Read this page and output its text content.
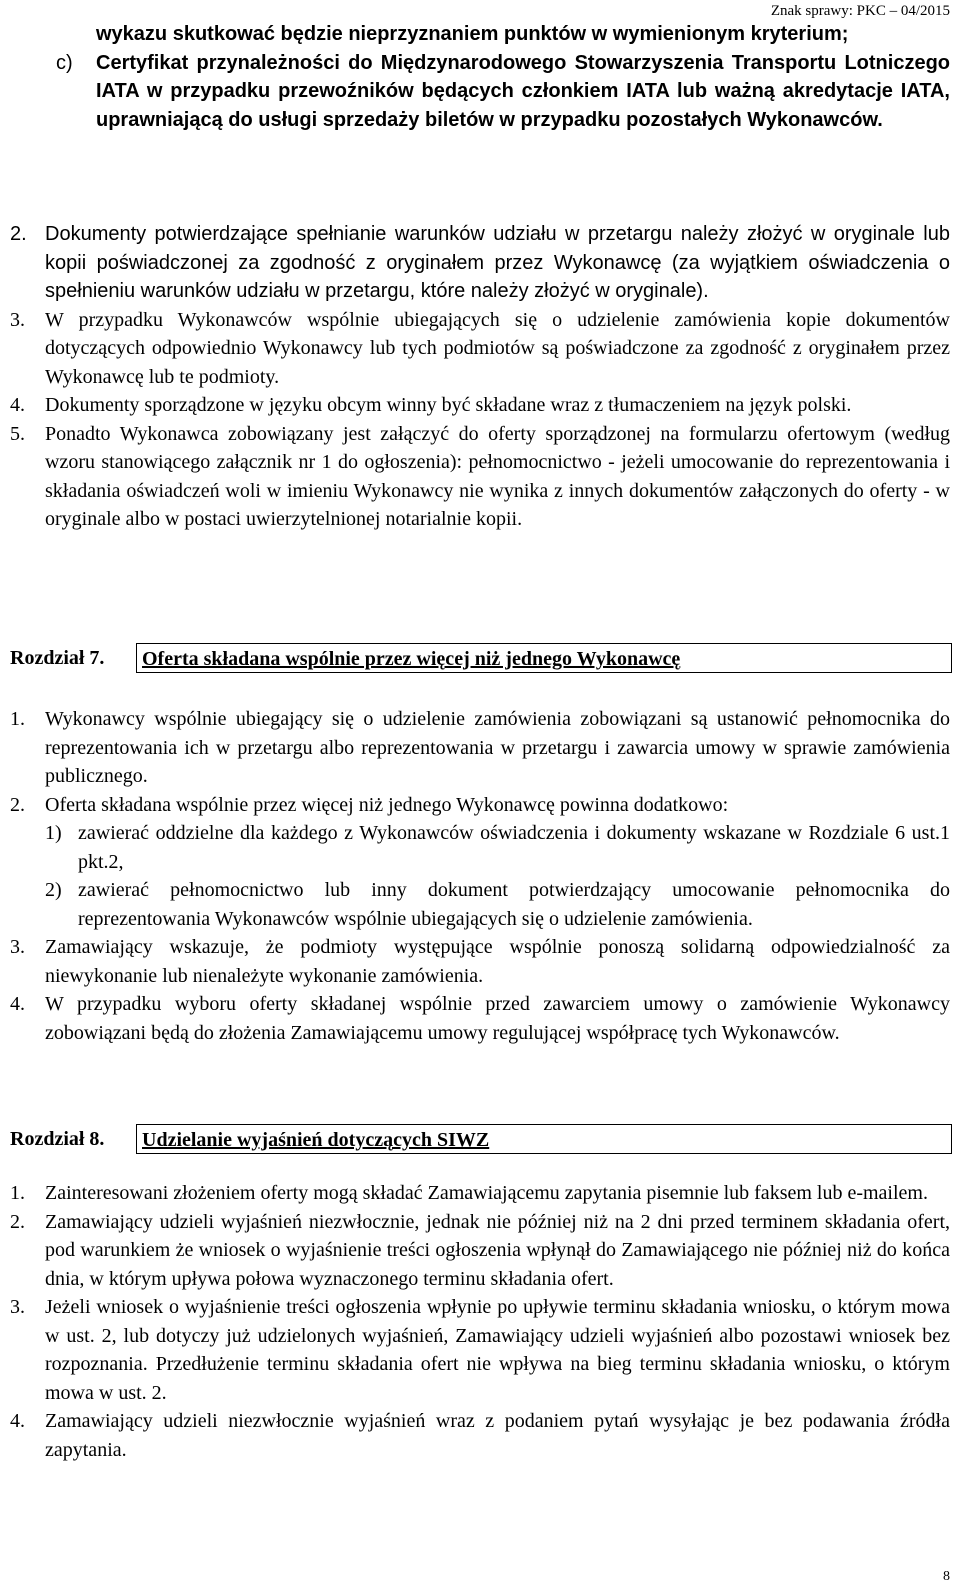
Znak sprawy: PKC – 04/2015

wykazu skutkować będzie nieprzyznaniem punktów w wymienionym kryterium;

c)	Certyfikat przynależności do Międzynarodowego Stowarzyszenia Transportu Lotniczego IATA w przypadku przewoźników będących członkiem IATA lub ważną akredytacje IATA, uprawniającą do usługi sprzedaży biletów w przypadku pozostałych Wykonawców.

2. Dokumenty potwierdzające spełnianie warunków udziału w przetargu należy złożyć w oryginale lub kopii poświadczonej za zgodność z oryginałem przez Wykonawcę (za wyjątkiem oświadczenia o spełnieniu warunków udziału w przetargu, które należy złożyć w oryginale).

3. W przypadku Wykonawców wspólnie ubiegających się o udzielenie zamówienia kopie dokumentów dotyczących odpowiednio Wykonawcy lub tych podmiotów są poświadczone za zgodność z oryginałem przez Wykonawcę lub te podmioty.

4. Dokumenty sporządzone w języku obcym winny być składane wraz z tłumaczeniem na język polski.

5. Ponadto Wykonawca zobowiązany jest załączyć do oferty sporządzonej na formularzu ofertowym (według wzoru stanowiącego załącznik nr 1 do ogłoszenia): pełnomocnictwo - jeżeli umocowanie do reprezentowania i składania oświadczeń woli w imieniu Wykonawcy nie wynika z innych dokumentów załączonych do oferty - w oryginale albo w postaci uwierzytelnionej notarialnie kopii.

Rozdział 7.	Oferta składana wspólnie przez więcej niż jednego Wykonawcę

1. Wykonawcy wspólnie ubiegający się o udzielenie zamówienia zobowiązani są ustanowić pełnomocnika do reprezentowania ich w przetargu albo reprezentowania w przetargu i zawarcia umowy w sprawie zamówienia publicznego.

2. Oferta składana wspólnie przez więcej niż jednego Wykonawcę powinna dodatkowo:

1) zawierać oddzielne dla każdego z Wykonawców oświadczenia i dokumenty wskazane w Rozdziale 6 ust.1 pkt.2,

2) zawierać pełnomocnictwo lub inny dokument potwierdzający umocowanie pełnomocnika do reprezentowania Wykonawców wspólnie ubiegających się o udzielenie zamówienia.

3. Zamawiający wskazuje, że podmioty występujące wspólnie ponoszą solidarną odpowiedzialność za niewykonanie lub nienależyte wykonanie zamówienia.

4. W przypadku wyboru oferty składanej wspólnie przed zawarciem umowy o zamówienie Wykonawcy zobowiązani będą do złożenia Zamawiającemu umowy regulującej współpracę tych Wykonawców.

Rozdział 8.	Udzielanie wyjaśnień dotyczących SIWZ

1. Zainteresowani złożeniem oferty mogą składać Zamawiającemu zapytania pisemnie lub faksem lub e-mailem.

2. Zamawiający udzieli wyjaśnień niezwłocznie, jednak nie później niż na 2 dni przed terminem składania ofert, pod warunkiem że wniosek o wyjaśnienie treści ogłoszenia wpłynął do Zamawiającego nie później niż do końca dnia, w którym upływa połowa wyznaczonego terminu składania ofert.

3. Jeżeli wniosek o wyjaśnienie treści ogłoszenia wpłynie po upływie terminu składania wniosku, o którym mowa w ust. 2, lub dotyczy już udzielonych wyjaśnień, Zamawiający udzieli wyjaśnień albo pozostawi wniosek bez rozpoznania. Przedłużenie terminu składania ofert nie wpływa na bieg terminu składania wniosku, o którym mowa w ust. 2.

4. Zamawiający udzieli niezwłocznie wyjaśnień wraz z podaniem pytań wysyłając je bez podawania źródła zapytania.

8
